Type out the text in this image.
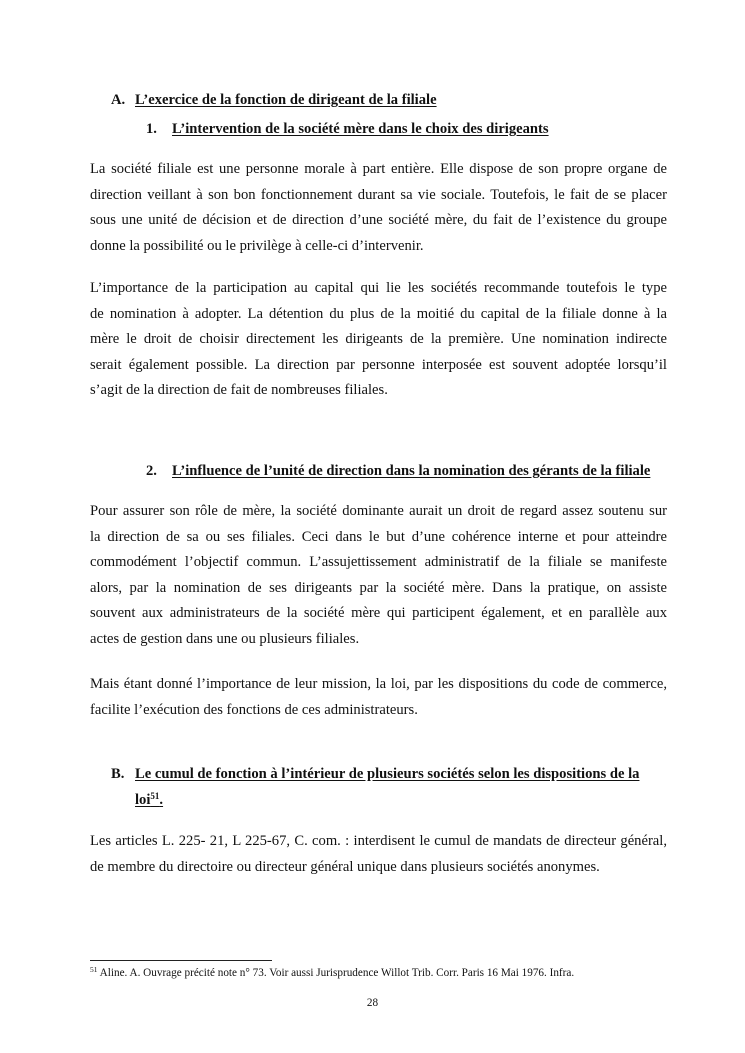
A. L’exercice de la fonction de dirigeant de la filiale
1. L’intervention de la société mère dans le choix des dirigeants
La société filiale est une personne morale à part entière. Elle dispose de son propre organe de
direction veillant à son bon fonctionnement durant sa vie sociale. Toutefois, le fait de se placer
sous une unité de décision et de direction d’une société mère, du fait de l’existence du groupe
donne la possibilité ou le privilège à celle-ci d’intervenir.
L’importance de la participation au capital qui lie les sociétés recommande toutefois le type
de nomination à adopter. La détention du plus de la moitié du capital de la filiale donne à la
mère le droit de choisir directement les dirigeants de la première. Une nomination indirecte
serait également possible. La direction par personne interposée est souvent adoptée lorsqu’il
s’agit de la direction de fait de nombreuses filiales.
2. L’influence de l’unité de direction dans la nomination des gérants de la filiale
Pour assurer son rôle de mère, la société dominante aurait un droit de regard assez soutenu sur
la direction de sa ou ses filiales. Ceci dans le but d’une cohérence interne et pour atteindre
commodément l’objectif commun. L’assujettissement administratif de la filiale se manifeste
alors, par la nomination de ses dirigeants par la société mère. Dans la pratique, on assiste
souvent aux administrateurs de la société mère qui participent également, et en parallèle aux
actes de gestion dans une ou plusieurs filiales.
Mais étant donné l’importance de leur mission, la loi, par les dispositions du code de commerce,
facilite l’exécution des fonctions de ces administrateurs.
B. Le cumul de fonction à l’intérieur de plusieurs sociétés selon les dispositions de la
loi$^{51}$.
Les articles L. 225- 21, L 225-67, C. com. : interdisent le cumul de mandats de directeur général,
de membre du directoire ou directeur général unique dans plusieurs sociétés anonymes.
$^{51}$ Aline. A. Ouvrage précité note n° 73. Voir aussi Jurisprudence Willot Trib. Corr. Paris 16 Mai 1976. Infra.
28
